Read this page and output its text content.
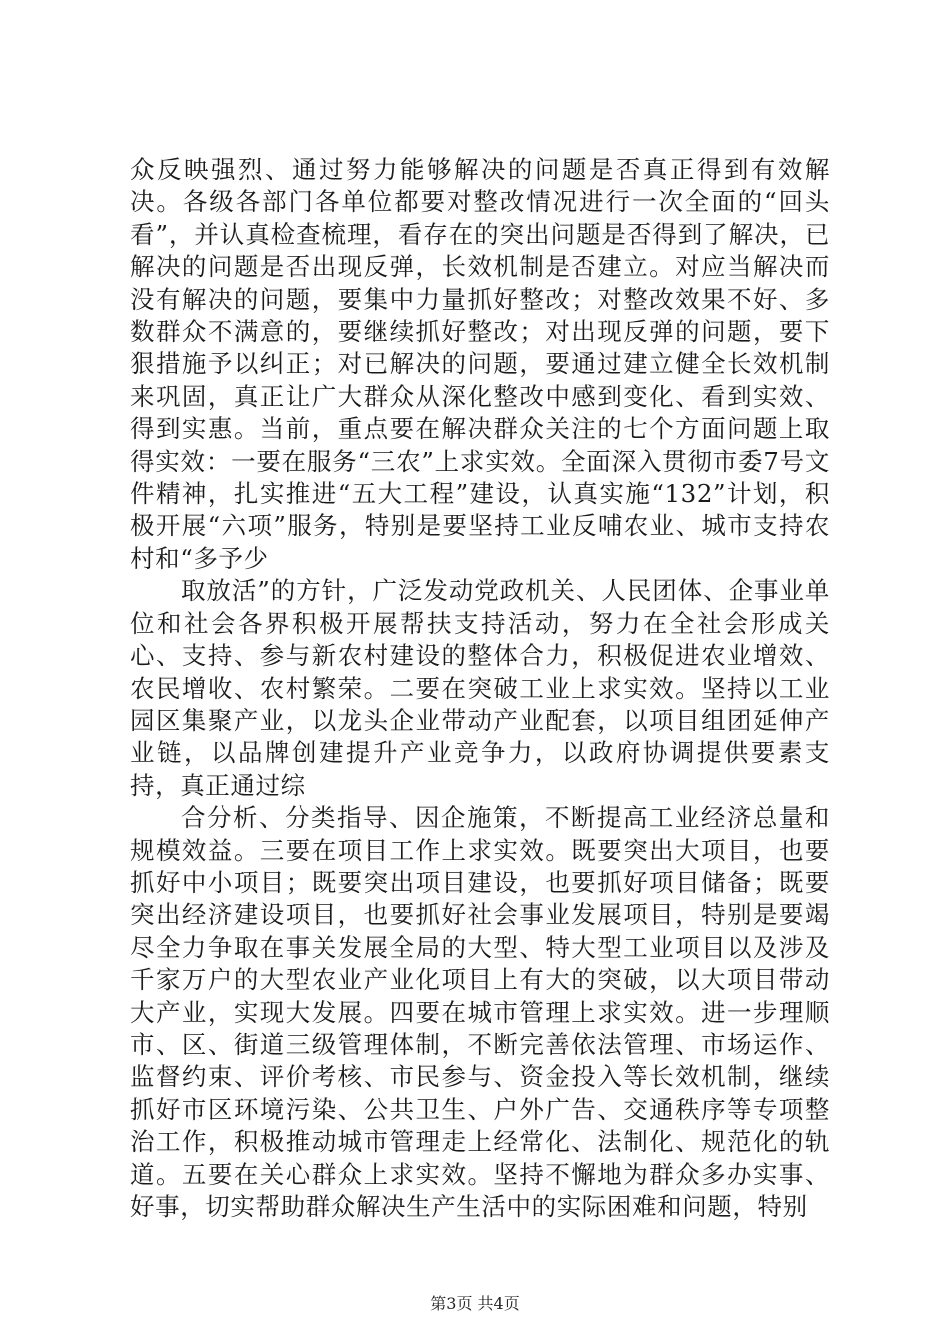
众反映强烈、通过努力能够解决的问题是否真正得到有效解决。各级各部门各单位都要对整改情况进行一次全面的“回头看”，并认真检查梳理，看存在的突出问题是否得到了解决，已解决的问题是否出现反弹，长效机制是否建立。对应当解决而没有解决的问题，要集中力量抓好整改；对整改效果不好、多数群众不满意的，要继续抓好整改；对出现反弹的问题，要下狠措施予以纠正；对已解决的问题，要通过建立健全长效机制来巩固，真正让广大群众从深化整改中感到变化、看到实效、得到实惠。当前，重点要在解决群众关注的七个方面问题上取得实效：一要在服务“三农”上求实效。全面深入贯彻市委7号文件精神，扎实推进“五大工程”建设，认真实施“132”计划，积极开展“六项”服务，特别是要坚持工业反哺农业、城市支持农村和“多予少

取放活”的方针，广泛发动党政机关、人民团体、企事业单位和社会各界积极开展帮扶支持活动，努力在全社会形成关心、支持、参与新农村建设的整体合力，积极促进农业增效、农民增收、农村繁荣。二要在突破工业上求实效。坚持以工业园区集聚产业，以龙头企业带动产业配套，以项目组团延伸产业链，以品牌创建提升产业竞争力，以政府协调提供要素支持，真正通过综

合分析、分类指导、因企施策，不断提高工业经济总量和规模效益。三要在项目工作上求实效。既要突出大项目，也要抓好中小项目；既要突出项目建设，也要抓好项目储备；既要突出经济建设项目，也要抓好社会事业发展项目，特别是要竭尽全力争取在事关发展全局的大型、特大型工业项目以及涉及千家万户的大型农业产业化项目上有大的突破，以大项目带动大产业，实现大发展。四要在城市管理上求实效。进一步理顺市、区、街道三级管理体制，不断完善依法管理、市场运作、监督约束、评价考核、市民参与、资金投入等长效机制，继续抓好市区环境污染、公共卫生、户外广告、交通秩序等专项整治工作，积极推动城市管理走上经常化、法制化、规范化的轨道。五要在关心群众上求实效。坚持不懈地为群众多办实事、好事，切实帮助群众解决生产生活中的实际困难和问题，特别

第3页 共4页
